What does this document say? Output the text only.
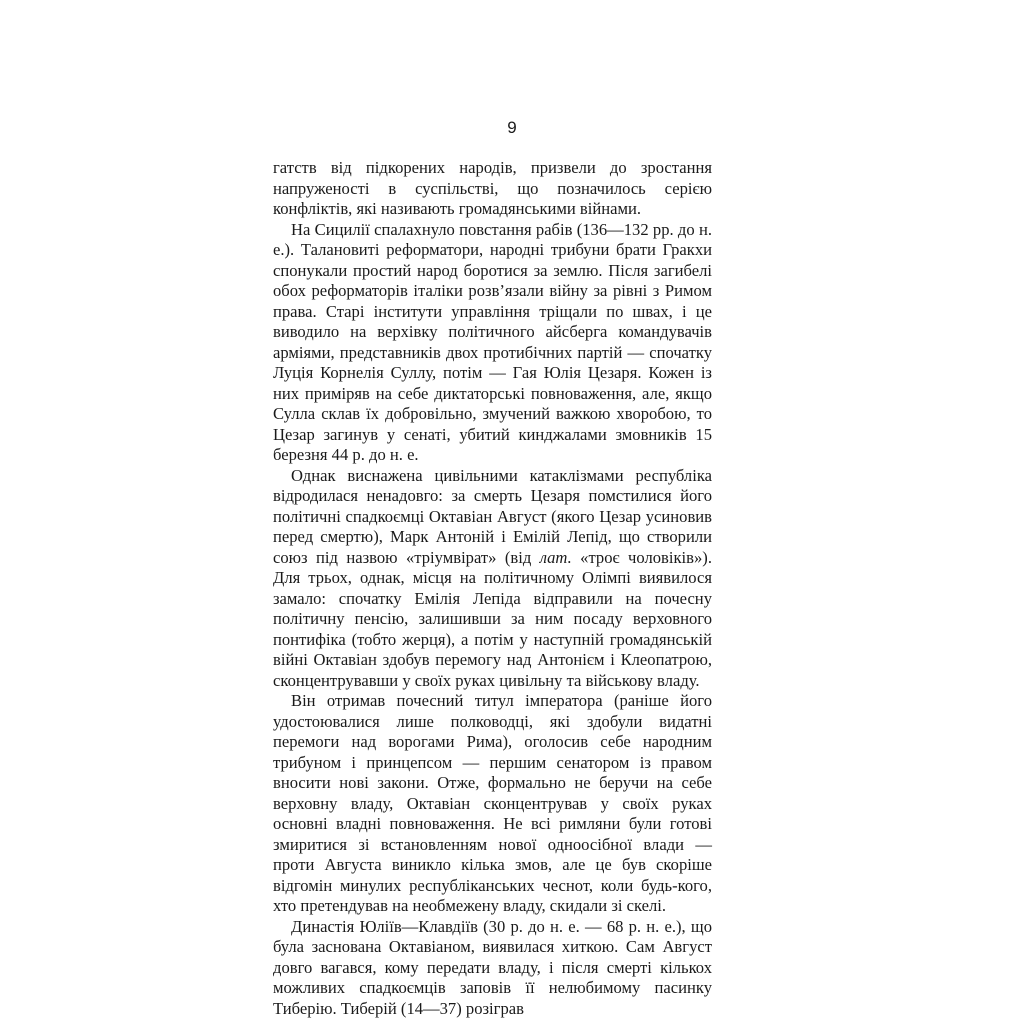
9

гатств від підкорених народів, призвели до зростання напруженості в суспільстві, що позначилось серією конфліктів, які називають громадянськими війнами.

На Сицилії спалахнуло повстання рабів (136—132 рр. до н. е.). Талановиті реформатори, народні трибуни брати Гракхи спонукали простий народ боротися за землю. Після загибелі обох реформаторів італіки розв’язали війну за рівні з Римом права. Старі інститути управління тріщали по швах, і це виводило на верхівку політичного айсберга командувачів арміями, представників двох протибічних партій — спочатку Луція Корнелія Суллу, потім — Гая Юлія Цезаря. Кожен із них приміряв на себе диктаторські повноваження, але, якщо Сулла склав їх добровільно, змучений важкою хворобою, то Цезар загинув у сенаті, убитий кинджалами змовників 15 березня 44 р. до н. е.

Однак виснажена цивільними катаклізмами республіка відродилася ненадовго: за смерть Цезаря помстилися його політичні спадкоємці Октавіан Август (якого Цезар усиновив перед смертю), Марк Антоній і Емілій Лепід, що створили союз під назвою «тріумвірат» (від лат. «троє чоловіків»). Для трьох, однак, місця на політичному Олімпі виявилося замало: спочатку Емілія Лепіда відправили на почесну політичну пенсію, залишивши за ним посаду верховного понтифіка (тобто жерця), а потім у наступній громадянській війні Октавіан здобув перемогу над Антонієм і Клеопатрою, сконцентрувавши у своїх руках цивільну та військову владу.

Він отримав почесний титул імператора (раніше його удостоювалися лише полководці, які здобули видатні перемоги над ворогами Рима), оголосив себе народним трибуном і принцепсом — першим сенатором із правом вносити нові закони. Отже, формально не беручи на себе верховну владу, Октавіан сконцентрував у своїх руках основні владні повноваження. Не всі римляни були готові змиритися зі встановленням нової одноосібної влади — проти Августа виникло кілька змов, але це був скоріше відгомін минулих республіканських чеснот, коли будь-кого, хто претендував на необмежену владу, скидали зі скелі.

Династія Юліїв—Клавдіїв (30 р. до н. е. — 68 р. н. е.), що була заснована Октавіаном, виявилася хиткою. Сам Август довго вагався, кому передати владу, і після смерті кількох можливих спадкоємців заповів її нелюбимому пасинку Тиберію. Тиберій (14—37) розіграв
